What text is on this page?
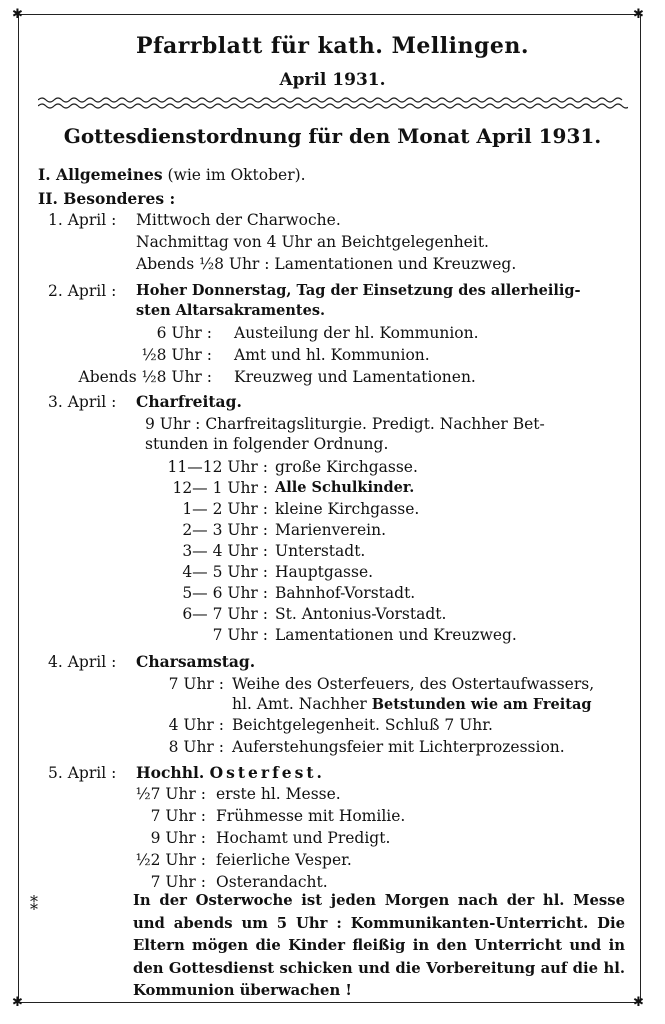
✱	✱
✱	✱
⁑
Pfarrblatt für kath. Mellingen.
April 1931.
Gottesdienstordnung für den Monat April 1931.
I. Allgemeines (wie im Oktober).
II. Besonderes :
1. April : Mittwoch der Charwoche.
Nachmittag von 4 Uhr an Beichtgelegenheit.
Abends ½8 Uhr : Lamentationen und Kreuzweg.
2. April : Hoher Donnerstag, Tag der Einsetzung des allerheilig-
sten Altarsakramentes.
6 Uhr : Austeilung der hl. Kommunion.
½8 Uhr : Amt und hl. Kommunion.
Abends ½8 Uhr : Kreuzweg und Lamentationen.
3. April : Charfreitag.
9 Uhr : Charfreitagsliturgie. Predigt. Nachher Bet-
stunden in folgender Ordnung.
11—12 Uhr : große Kirchgasse.
12— 1 Uhr : Alle Schulkinder.
1— 2 Uhr : kleine Kirchgasse.
2— 3 Uhr : Marienverein.
3— 4 Uhr : Unterstadt.
4— 5 Uhr : Hauptgasse.
5— 6 Uhr : Bahnhof-Vorstadt.
6— 7 Uhr : St. Antonius-Vorstadt.
7 Uhr : Lamentationen und Kreuzweg.
4. April : Charsamstag.
7 Uhr : Weihe des Osterfeuers, des Ostertaufwassers,
hl. Amt. Nachher Betstunden wie am Freitag
4 Uhr : Beichtgelegenheit. Schluß 7 Uhr.
8 Uhr : Auferstehungsfeier mit Lichterprozession.
5. April : Hochhl. Osterfest.
½7 Uhr : erste hl. Messe.
7 Uhr : Frühmesse mit Homilie.
9 Uhr : Hochamt und Predigt.
½2 Uhr : feierliche Vesper.
7 Uhr : Osterandacht.
In der Osterwoche ist jeden Morgen nach der hl. Messe und abends um 5 Uhr : Kommunikanten-Unterricht. Die Eltern mögen die Kinder fleißig in den Unterricht und in den Gottesdienst schicken und die Vorbereitung auf die hl. Kommunion überwachen !
